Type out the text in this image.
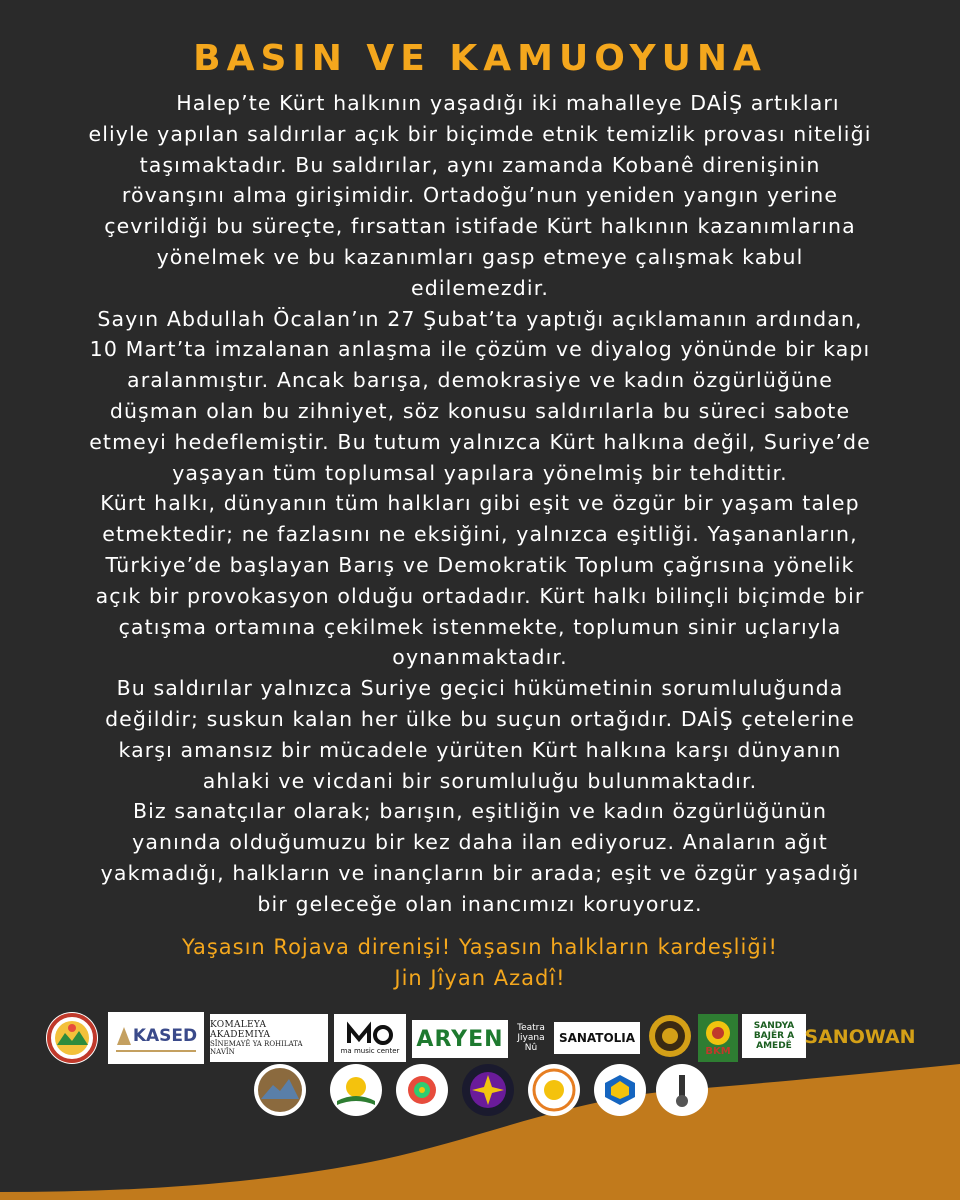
BASIN VE KAMUOYUNA
Halep’te Kürt halkının yaşadığı iki mahalleye DAİŞ artıkları
eliyle yapılan saldırılar açık bir biçimde etnik temizlik provası niteliği
taşımaktadır. Bu saldırılar, aynı zamanda Kobanê direnişinin
rövanşını alma girişimidir. Ortadoğu’nun yeniden yangın yerine
çevrildiği bu süreçte, fırsattan istifade Kürt halkının kazanımlarına
yönelmek ve bu kazanımları gasp etmeye çalışmak kabul
edilemezdir.
Sayın Abdullah Öcalan’ın 27 Şubat’ta yaptığı açıklamanın ardından,
10 Mart’ta imzalanan anlaşma ile çözüm ve diyalog yönünde bir kapı
aralanmıştır. Ancak barışa, demokrasiye ve kadın özgürlüğüne
düşman olan bu zihniyet, söz konusu saldırılarla bu süreci sabote
etmeyi hedeflemiştir. Bu tutum yalnızca Kürt halkına değil, Suriye’de
yaşayan tüm toplumsal yapılara yönelmiş bir tehdittir.
Kürt halkı, dünyanın tüm halkları gibi eşit ve özgür bir yaşam talep
etmektedir; ne fazlasını ne eksiğini, yalnızca eşitliği. Yaşananların,
Türkiye’de başlayan Barış ve Demokratik Toplum çağrısına yönelik
açık bir provokasyon olduğu ortadadır. Kürt halkı bilinçli biçimde bir
çatışma ortamına çekilmek istenmekte, toplumun sinir uçlarıyla
oynanmaktadır.
Bu saldırılar yalnızca Suriye geçici hükümetinin sorumluluğunda
değildir; suskun kalan her ülke bu suçun ortağıdır. DAİŞ çetelerine
karşı amansız bir mücadele yürüten Kürt halkına karşı dünyanın
ahlaki ve vicdani bir sorumluluğu bulunmaktadır.
Biz sanatçılar olarak; barışın, eşitliğin ve kadın özgürlüğünün
yanında olduğumuzu bir kez daha ilan ediyoruz. Anaların ağıt
yakmadığı, halkların ve inançların bir arada; eşit ve özgür yaşadığı
bir geleceğe olan inancımızı koruyoruz.
Yaşasın Rojava direnişi! Yaşasın halkların kardeşliği!
Jin Jîyan Azadî!
KASED
KOMALEYA AKADEMIYA
SÎNEMAYÊ YA ROHILATA NAVÎN	ma music center ARYEN Teatra
Jiyana
Nû
SANATOLIA
BKM
SANDYA
BAJÊR A
AMEDÊ SANOWAN
